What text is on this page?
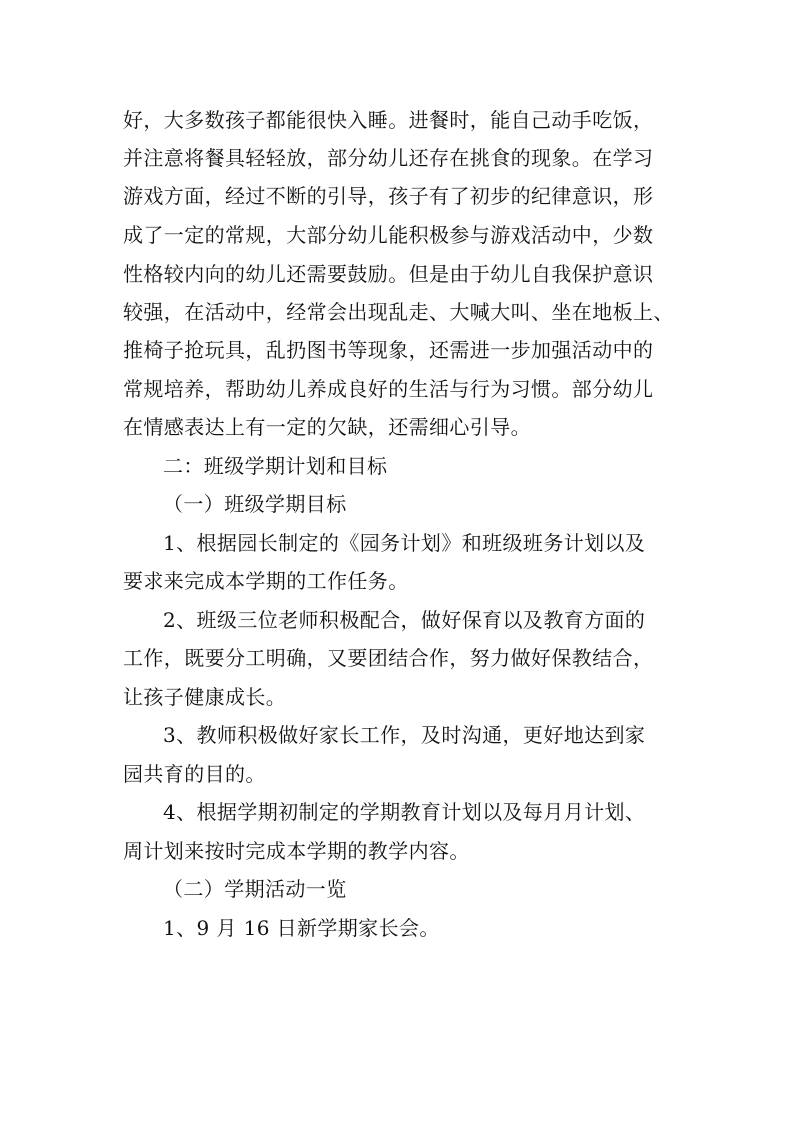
好，大多数孩子都能很快入睡。进餐时，能自己动手吃饭，
并注意将餐具轻轻放，部分幼儿还存在挑食的现象。在学习
游戏方面，经过不断的引导，孩子有了初步的纪律意识，形
成了一定的常规，大部分幼儿能积极参与游戏活动中，少数
性格较内向的幼儿还需要鼓励。但是由于幼儿自我保护意识
较强，在活动中，经常会出现乱走、大喊大叫、坐在地板上、
推椅子抢玩具，乱扔图书等现象，还需进一步加强活动中的
常规培养，帮助幼儿养成良好的生活与行为习惯。部分幼儿
在情感表达上有一定的欠缺，还需细心引导。
二：班级学期计划和目标
（一）班级学期目标
1、根据园长制定的《园务计划》和班级班务计划以及
要求来完成本学期的工作任务。
2、班级三位老师积极配合，做好保育以及教育方面的
工作，既要分工明确，又要团结合作，努力做好保教结合，
让孩子健康成长。
3、教师积极做好家长工作，及时沟通，更好地达到家
园共育的目的。
4、根据学期初制定的学期教育计划以及每月月计划、
周计划来按时完成本学期的教学内容。
（二）学期活动一览
1、9 月 16 日新学期家长会。
